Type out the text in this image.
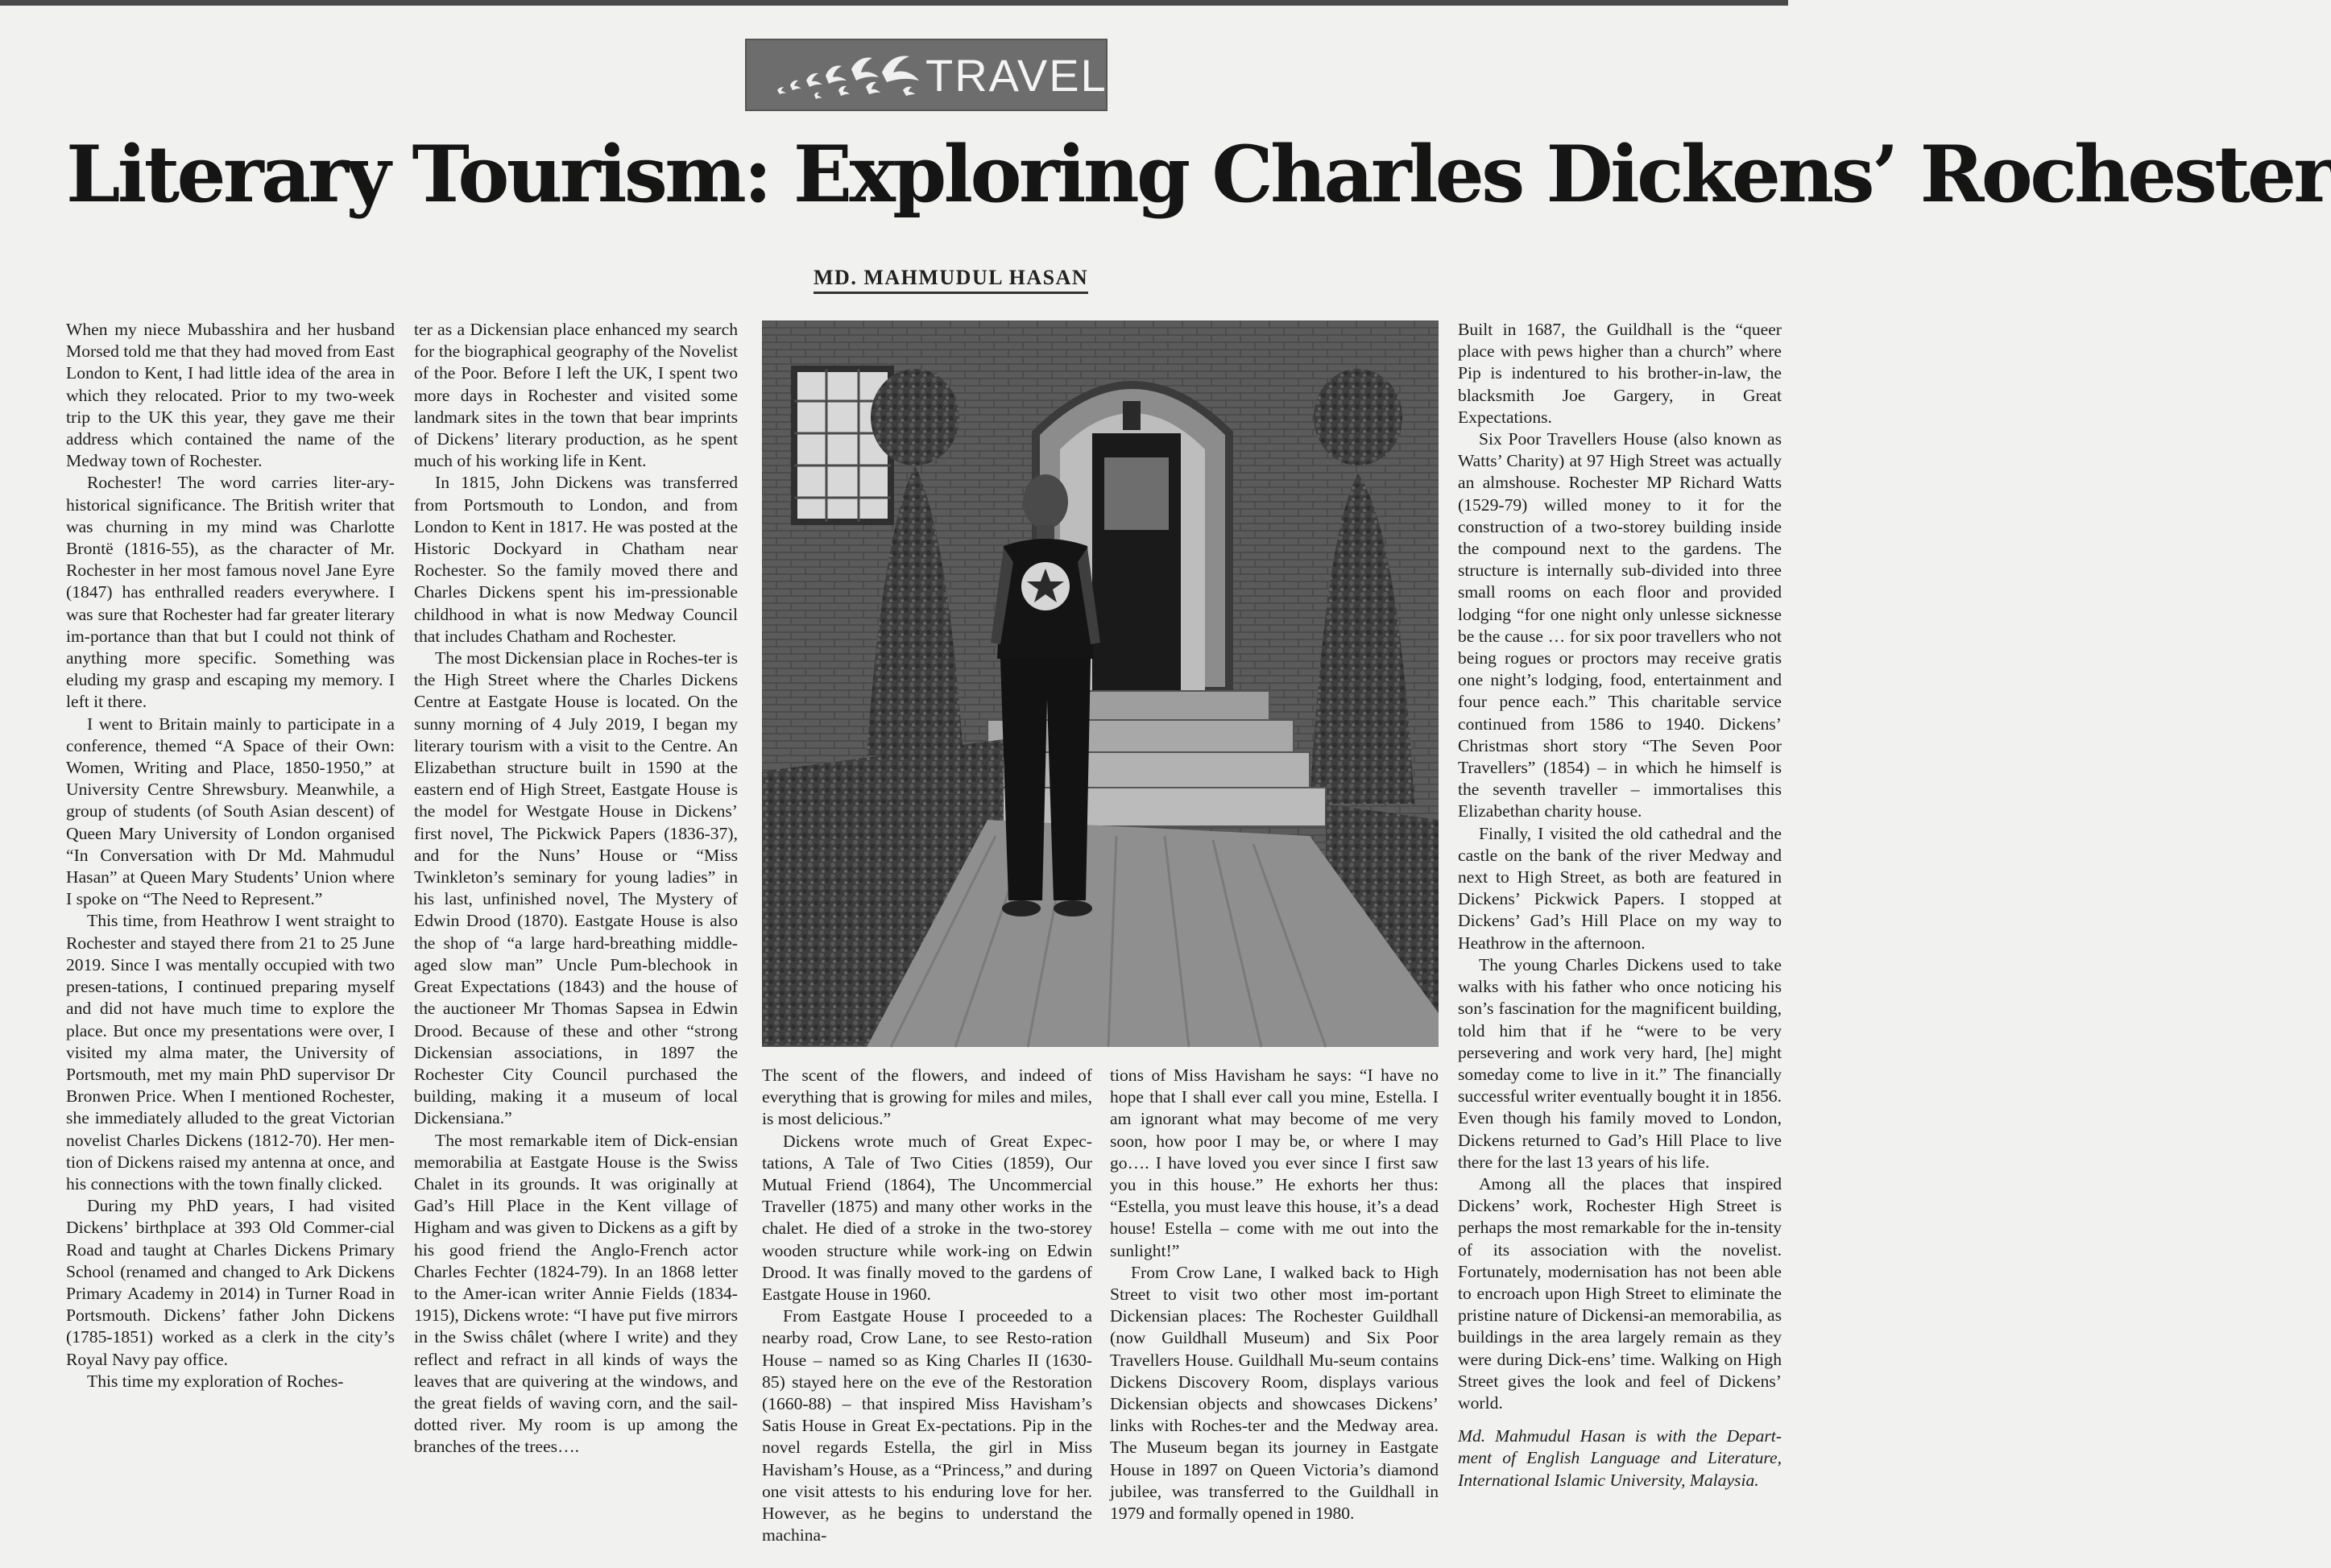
TRAVEL
Literary Tourism: Exploring Charles Dickens’ Rochester
MD. MAHMUDUL HASAN

When my niece Mubasshira and her husband Morsed told me that they had moved from East London to Kent, I had little idea of the area in which they relocated. Prior to my two-week trip to the UK this year, they gave me their address which contained the name of the Medway town of Rochester.

Rochester! The word carries liter-ary-historical significance. The British writer that was churning in my mind was Charlotte Brontë (1816-55), as the character of Mr. Rochester in her most famous novel Jane Eyre (1847) has enthralled readers everywhere. I was sure that Rochester had far greater literary im-portance than that but I could not think of anything more specific. Something was eluding my grasp and escaping my memory. I left it there.

I went to Britain mainly to participate in a conference, themed “A Space of their Own: Women, Writing and Place, 1850-1950,” at University Centre Shrewsbury. Meanwhile, a group of students (of South Asian descent) of Queen Mary University of London organised “In Conversation with Dr Md. Mahmudul Hasan” at Queen Mary Students’ Union where I spoke on “The Need to Represent.”

This time, from Heathrow I went straight to Rochester and stayed there from 21 to 25 June 2019. Since I was mentally occupied with two presen-tations, I continued preparing myself and did not have much time to explore the place. But once my presentations were over, I visited my alma mater, the University of Portsmouth, met my main PhD supervisor Dr Bronwen Price. When I mentioned Rochester, she immediately alluded to the great Victorian novelist Charles Dickens (1812-70). Her men-tion of Dickens raised my antenna at once, and his connections with the town finally clicked.

During my PhD years, I had visited Dickens’ birthplace at 393 Old Commer-cial Road and taught at Charles Dickens Primary School (renamed and changed to Ark Dickens Primary Academy in 2014) in Turner Road in Portsmouth. Dickens’ father John Dickens (1785-1851) worked as a clerk in the city’s Royal Navy pay office.

This time my exploration of Roches-

ter as a Dickensian place enhanced my search for the biographical geography of the Novelist of the Poor. Before I left the UK, I spent two more days in Rochester and visited some landmark sites in the town that bear imprints of Dickens’ literary production, as he spent much of his working life in Kent.

In 1815, John Dickens was transferred from Portsmouth to London, and from London to Kent in 1817. He was posted at the Historic Dockyard in Chatham near Rochester. So the family moved there and Charles Dickens spent his im-pressionable childhood in what is now Medway Council that includes Chatham and Rochester.

The most Dickensian place in Roches-ter is the High Street where the Charles Dickens Centre at Eastgate House is located. On the sunny morning of 4 July 2019, I began my literary tourism with a visit to the Centre. An Elizabethan structure built in 1590 at the eastern end of High Street, Eastgate House is the model for Westgate House in Dickens’ first novel, The Pickwick Papers (1836-37), and for the Nuns’ House or “Miss Twinkleton’s seminary for young ladies” in his last, unfinished novel, The Mystery of Edwin Drood (1870). Eastgate House is also the shop of “a large hard-breathing middle-aged slow man” Uncle Pum-blechook in Great Expectations (1843) and the house of the auctioneer Mr Thomas Sapsea in Edwin Drood. Because of these and other “strong Dickensian associations, in 1897 the Rochester City Council purchased the building, making it a museum of local Dickensiana.”

The most remarkable item of Dick-ensian memorabilia at Eastgate House is the Swiss Chalet in its grounds. It was originally at Gad’s Hill Place in the Kent village of Higham and was given to Dickens as a gift by his good friend the Anglo-French actor Charles Fechter (1824-79). In an 1868 letter to the Amer-ican writer Annie Fields (1834-1915), Dickens wrote: “I have put five mirrors in the Swiss châlet (where I write) and they reflect and refract in all kinds of ways the leaves that are quivering at the windows, and the great fields of waving corn, and the sail-dotted river. My room is up among the branches of the trees….

The scent of the flowers, and indeed of everything that is growing for miles and miles, is most delicious.”

Dickens wrote much of Great Expec-tations, A Tale of Two Cities (1859), Our Mutual Friend (1864), The Uncommercial Traveller (1875) and many other works in the chalet. He died of a stroke in the two-storey wooden structure while work-ing on Edwin Drood. It was finally moved to the gardens of Eastgate House in 1960.

From Eastgate House I proceeded to a nearby road, Crow Lane, to see Resto-ration House – named so as King Charles II (1630-85) stayed here on the eve of the Restoration (1660-88) – that inspired Miss Havisham’s Satis House in Great Ex-pectations. Pip in the novel regards Estella, the girl in Miss Havisham’s House, as a “Princess,” and during one visit attests to his enduring love for her. However, as he begins to understand the machina-

tions of Miss Havisham he says: “I have no hope that I shall ever call you mine, Estella. I am ignorant what may become of me very soon, how poor I may be, or where I may go…. I have loved you ever since I first saw you in this house.” He exhorts her thus: “Estella, you must leave this house, it’s a dead house! Estella – come with me out into the sunlight!”

From Crow Lane, I walked back to High Street to visit two other most im-portant Dickensian places: The Rochester Guildhall (now Guildhall Museum) and Six Poor Travellers House. Guildhall Mu-seum contains Dickens Discovery Room, displays various Dickensian objects and showcases Dickens’ links with Roches-ter and the Medway area. The Museum began its journey in Eastgate House in 1897 on Queen Victoria’s diamond jubilee, was transferred to the Guildhall in 1979 and formally opened in 1980.

Built in 1687, the Guildhall is the “queer place with pews higher than a church” where Pip is indentured to his brother-in-law, the blacksmith Joe Gargery, in Great Expectations.

Six Poor Travellers House (also known as Watts’ Charity) at 97 High Street was actually an almshouse. Rochester MP Richard Watts (1529-79) willed money to it for the construction of a two-storey building inside the compound next to the gardens. The structure is internally sub-divided into three small rooms on each floor and provided lodging “for one night only unlesse sicknesse be the cause … for six poor travellers who not being rogues or proctors may receive gratis one night’s lodging, food, entertainment and four pence each.” This charitable service continued from 1586 to 1940. Dickens’ Christmas short story “The Seven Poor Travellers” (1854) – in which he himself is the seventh traveller – immortalises this Elizabethan charity house.

Finally, I visited the old cathedral and the castle on the bank of the river Medway and next to High Street, as both are featured in Dickens’ Pickwick Papers. I stopped at Dickens’ Gad’s Hill Place on my way to Heathrow in the afternoon.

The young Charles Dickens used to take walks with his father who once noticing his son’s fascination for the magnificent building, told him that if he “were to be very persevering and work very hard, [he] might someday come to live in it.” The financially successful writer eventually bought it in 1856. Even though his family moved to London, Dickens returned to Gad’s Hill Place to live there for the last 13 years of his life.

Among all the places that inspired Dickens’ work, Rochester High Street is perhaps the most remarkable for the in-tensity of its association with the novelist. Fortunately, modernisation has not been able to encroach upon High Street to eliminate the pristine nature of Dickensi-an memorabilia, as buildings in the area largely remain as they were during Dick-ens’ time. Walking on High Street gives the look and feel of Dickens’ world.

Md. Mahmudul Hasan is with the Depart-ment of English Language and Literature, International Islamic University, Malaysia.
